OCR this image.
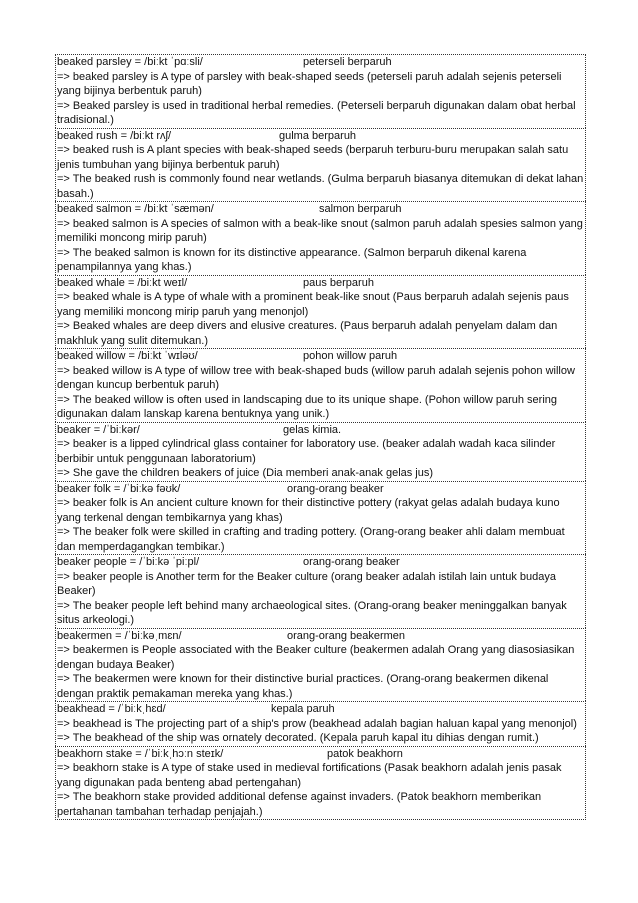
beaked parsley = /biːkt ˈpɑːsli/	peterseli berparuh
=> beaked parsley is A type of parsley with beak-shaped seeds (peterseli paruh adalah sejenis peterseli yang bijinya berbentuk paruh)
=> Beaked parsley is used in traditional herbal remedies. (Peterseli berparuh digunakan dalam obat herbal tradisional.)
beaked rush = /biːkt rʌʃ/	gulma berparuh
=> beaked rush is A plant species with beak-shaped seeds (berparuh terburu-buru merupakan salah satu jenis tumbuhan yang bijinya berbentuk paruh)
=> The beaked rush is commonly found near wetlands. (Gulma berparuh biasanya ditemukan di dekat lahan basah.)
beaked salmon = /biːkt ˈsæmən/	salmon berparuh
=> beaked salmon is A species of salmon with a beak-like snout (salmon paruh adalah spesies salmon yang memiliki moncong mirip paruh)
=> The beaked salmon is known for its distinctive appearance. (Salmon berparuh dikenal karena penampilannya yang khas.)
beaked whale = /biːkt weɪl/	paus berparuh
=> beaked whale is A type of whale with a prominent beak-like snout (Paus berparuh adalah sejenis paus yang memiliki moncong mirip paruh yang menonjol)
=> Beaked whales are deep divers and elusive creatures. (Paus berparuh adalah penyelam dalam dan makhluk yang sulit ditemukan.)
beaked willow = /biːkt ˈwɪləʊ/	pohon willow paruh
=> beaked willow is A type of willow tree with beak-shaped buds (willow paruh adalah sejenis pohon willow dengan kuncup berbentuk paruh)
=> The beaked willow is often used in landscaping due to its unique shape. (Pohon willow paruh sering digunakan dalam lanskap karena bentuknya yang unik.)
beaker = /ˈbiːkər/	gelas kimia.
=> beaker is a lipped cylindrical glass container for laboratory use. (beaker adalah wadah kaca silinder berbibir untuk penggunaan laboratorium)
=> She gave the children beakers of juice (Dia memberi anak-anak gelas jus)
beaker folk = /ˈbiːkə fəʊk/	orang-orang beaker
=> beaker folk is An ancient culture known for their distinctive pottery (rakyat gelas adalah budaya kuno yang terkenal dengan tembikarnya yang khas)
=> The beaker folk were skilled in crafting and trading pottery. (Orang-orang beaker ahli dalam membuat dan memperdagangkan tembikar.)
beaker people = /ˈbiːkə ˈpiːpl/	orang-orang beaker
=> beaker people is Another term for the Beaker culture (orang beaker adalah istilah lain untuk budaya Beaker)
=> The beaker people left behind many archaeological sites. (Orang-orang beaker meninggalkan banyak situs arkeologi.)
beakermen = /ˈbiːkəˌmɛn/	orang-orang beakermen
=> beakermen is People associated with the Beaker culture (beakermen adalah Orang yang diasosiasikan dengan budaya Beaker)
=> The beakermen were known for their distinctive burial practices. (Orang-orang beakermen dikenal dengan praktik pemakaman mereka yang khas.)
beakhead = /ˈbiːkˌhɛd/	kepala paruh
=> beakhead is The projecting part of a ship's prow (beakhead adalah bagian haluan kapal yang menonjol)
=> The beakhead of the ship was ornately decorated. (Kepala paruh kapal itu dihias dengan rumit.)
beakhorn stake = /ˈbiːkˌhɔːn steɪk/	patok beakhorn
=> beakhorn stake is A type of stake used in medieval fortifications (Pasak beakhorn adalah jenis pasak yang digunakan pada benteng abad pertengahan)
=> The beakhorn stake provided additional defense against invaders. (Patok beakhorn memberikan pertahanan tambahan terhadap penjajah.)
